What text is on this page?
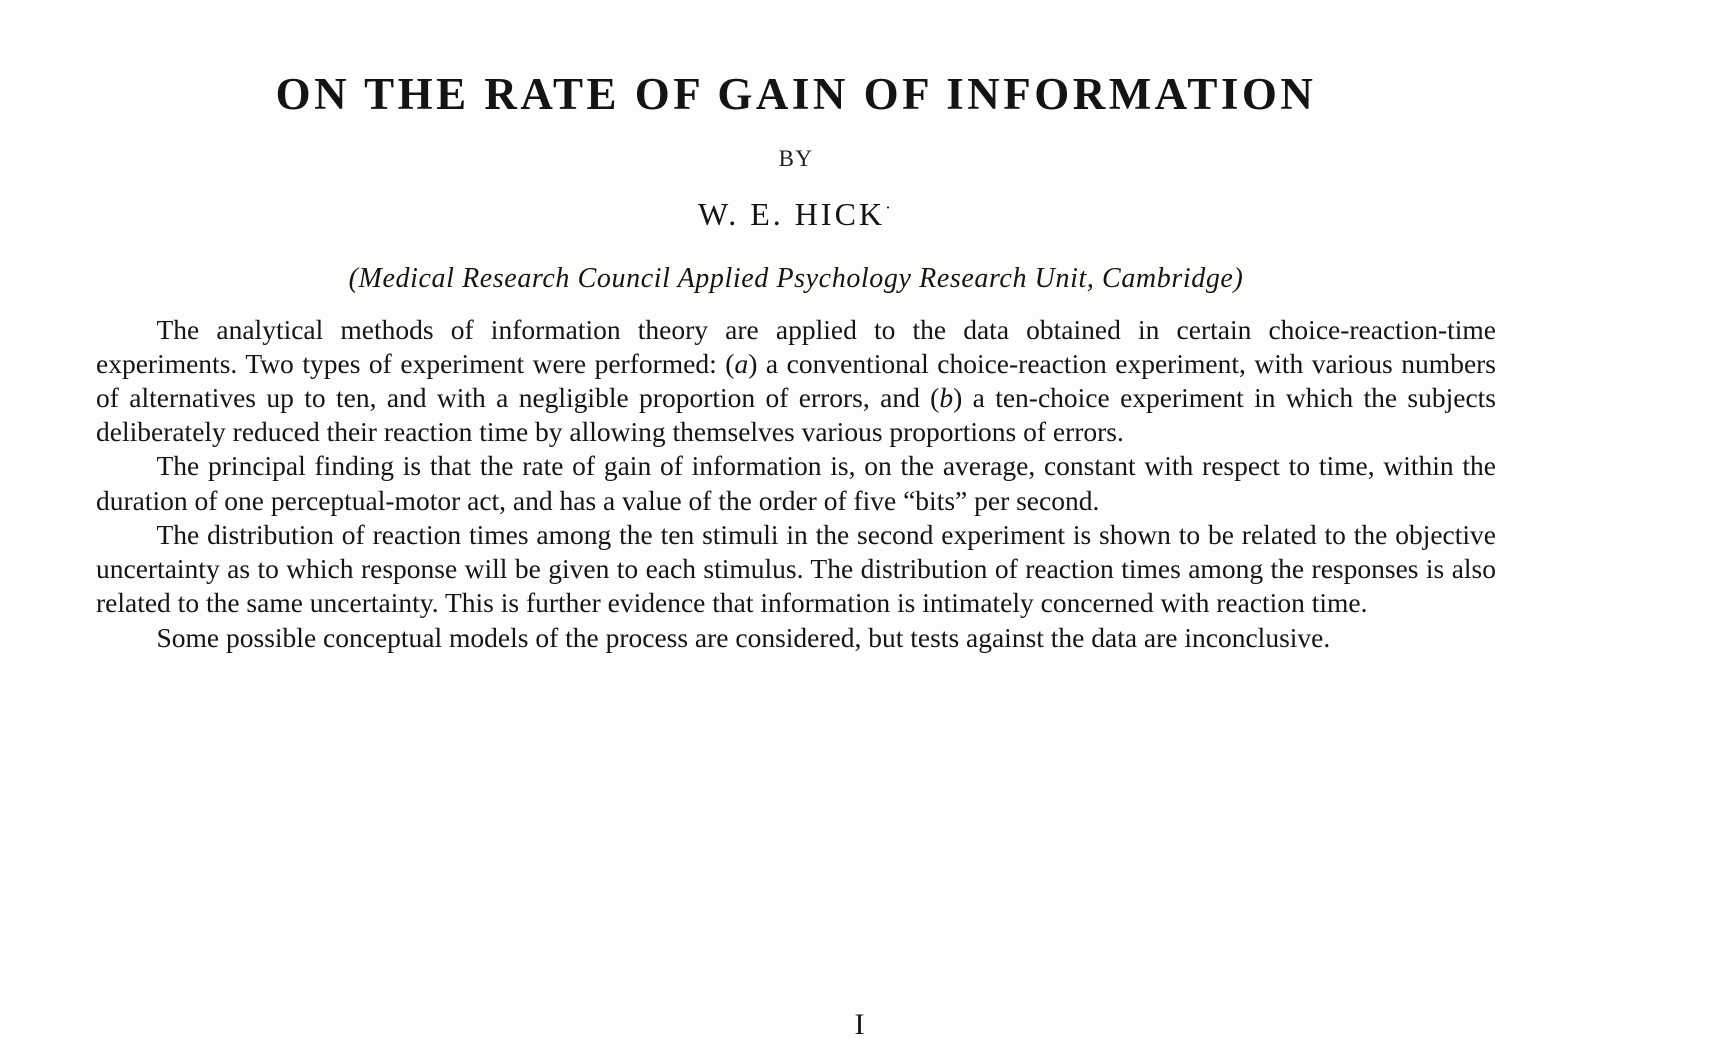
ON THE RATE OF GAIN OF INFORMATION
BY
W. E. HICK·
(Medical Research Council Applied Psychology Research Unit, Cambridge)

The analytical methods of information theory are applied to the data obtained in certain choice-reaction-time experiments. Two types of experiment were performed: (a) a conventional choice-reaction experiment, with various numbers of alternatives up to ten, and with a negligible proportion of errors, and (b) a ten-choice experiment in which the subjects deliberately reduced their reaction time by allowing themselves various proportions of errors.

The principal finding is that the rate of gain of information is, on the average, constant with respect to time, within the duration of one perceptual-motor act, and has a value of the order of five “bits” per second.

The distribution of reaction times among the ten stimuli in the second experiment is shown to be related to the objective uncertainty as to which response will be given to each stimulus. The distribution of reaction times among the responses is also related to the same uncertainty. This is further evidence that information is intimately concerned with reaction time.

Some possible conceptual models of the process are considered, but tests against the data are inconclusive.

I
